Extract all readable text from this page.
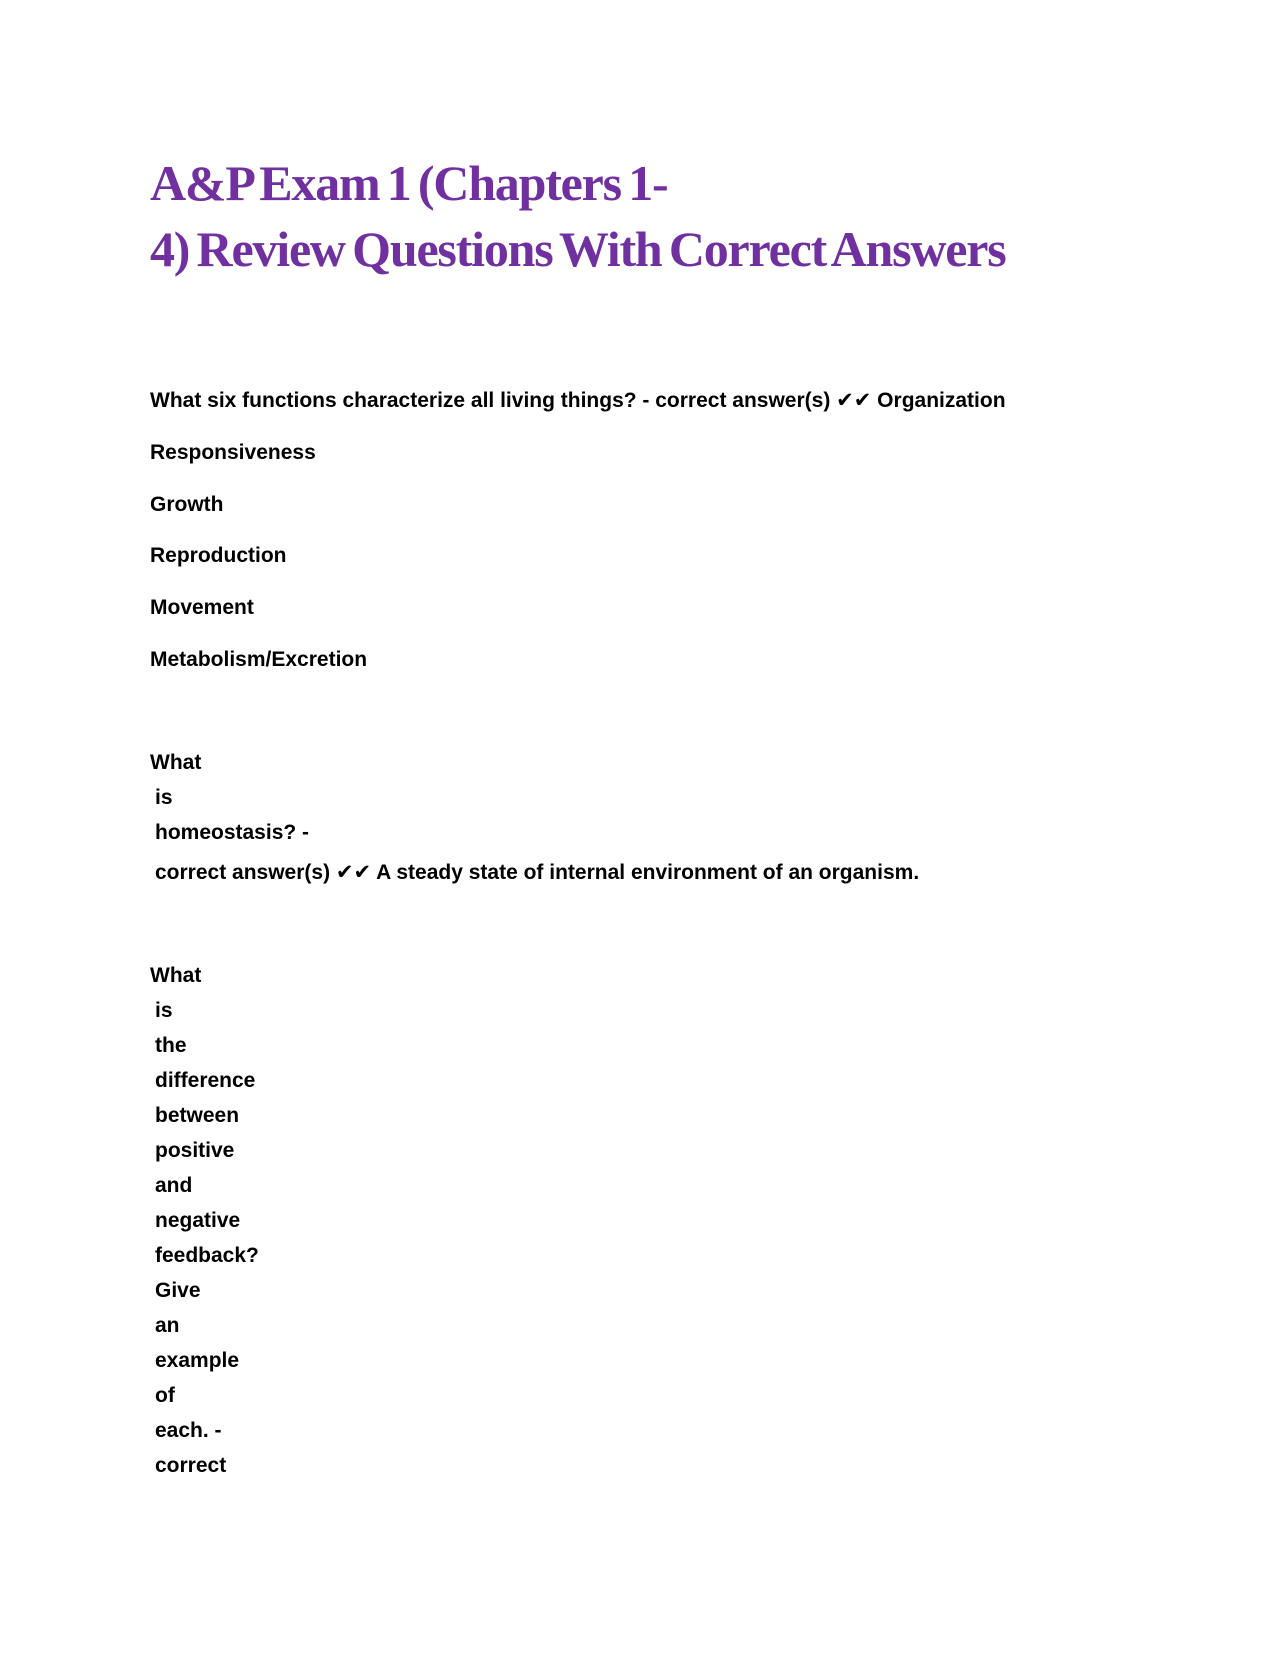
A&P Exam 1 (Chapters 1-
4) Review Questions With Correct Answers

What six functions characterize all living things? - correct answer(s) ✔✔ Organization

Responsiveness

Growth

Reproduction

Movement

Metabolism/Excretion

What
is
homeostasis? -

correct answer(s) ✔✔ A steady state of internal environment of an organism.

What
is
the
difference
between
positive
and
negative
feedback?
Give
an
example
of
each. -
correct
